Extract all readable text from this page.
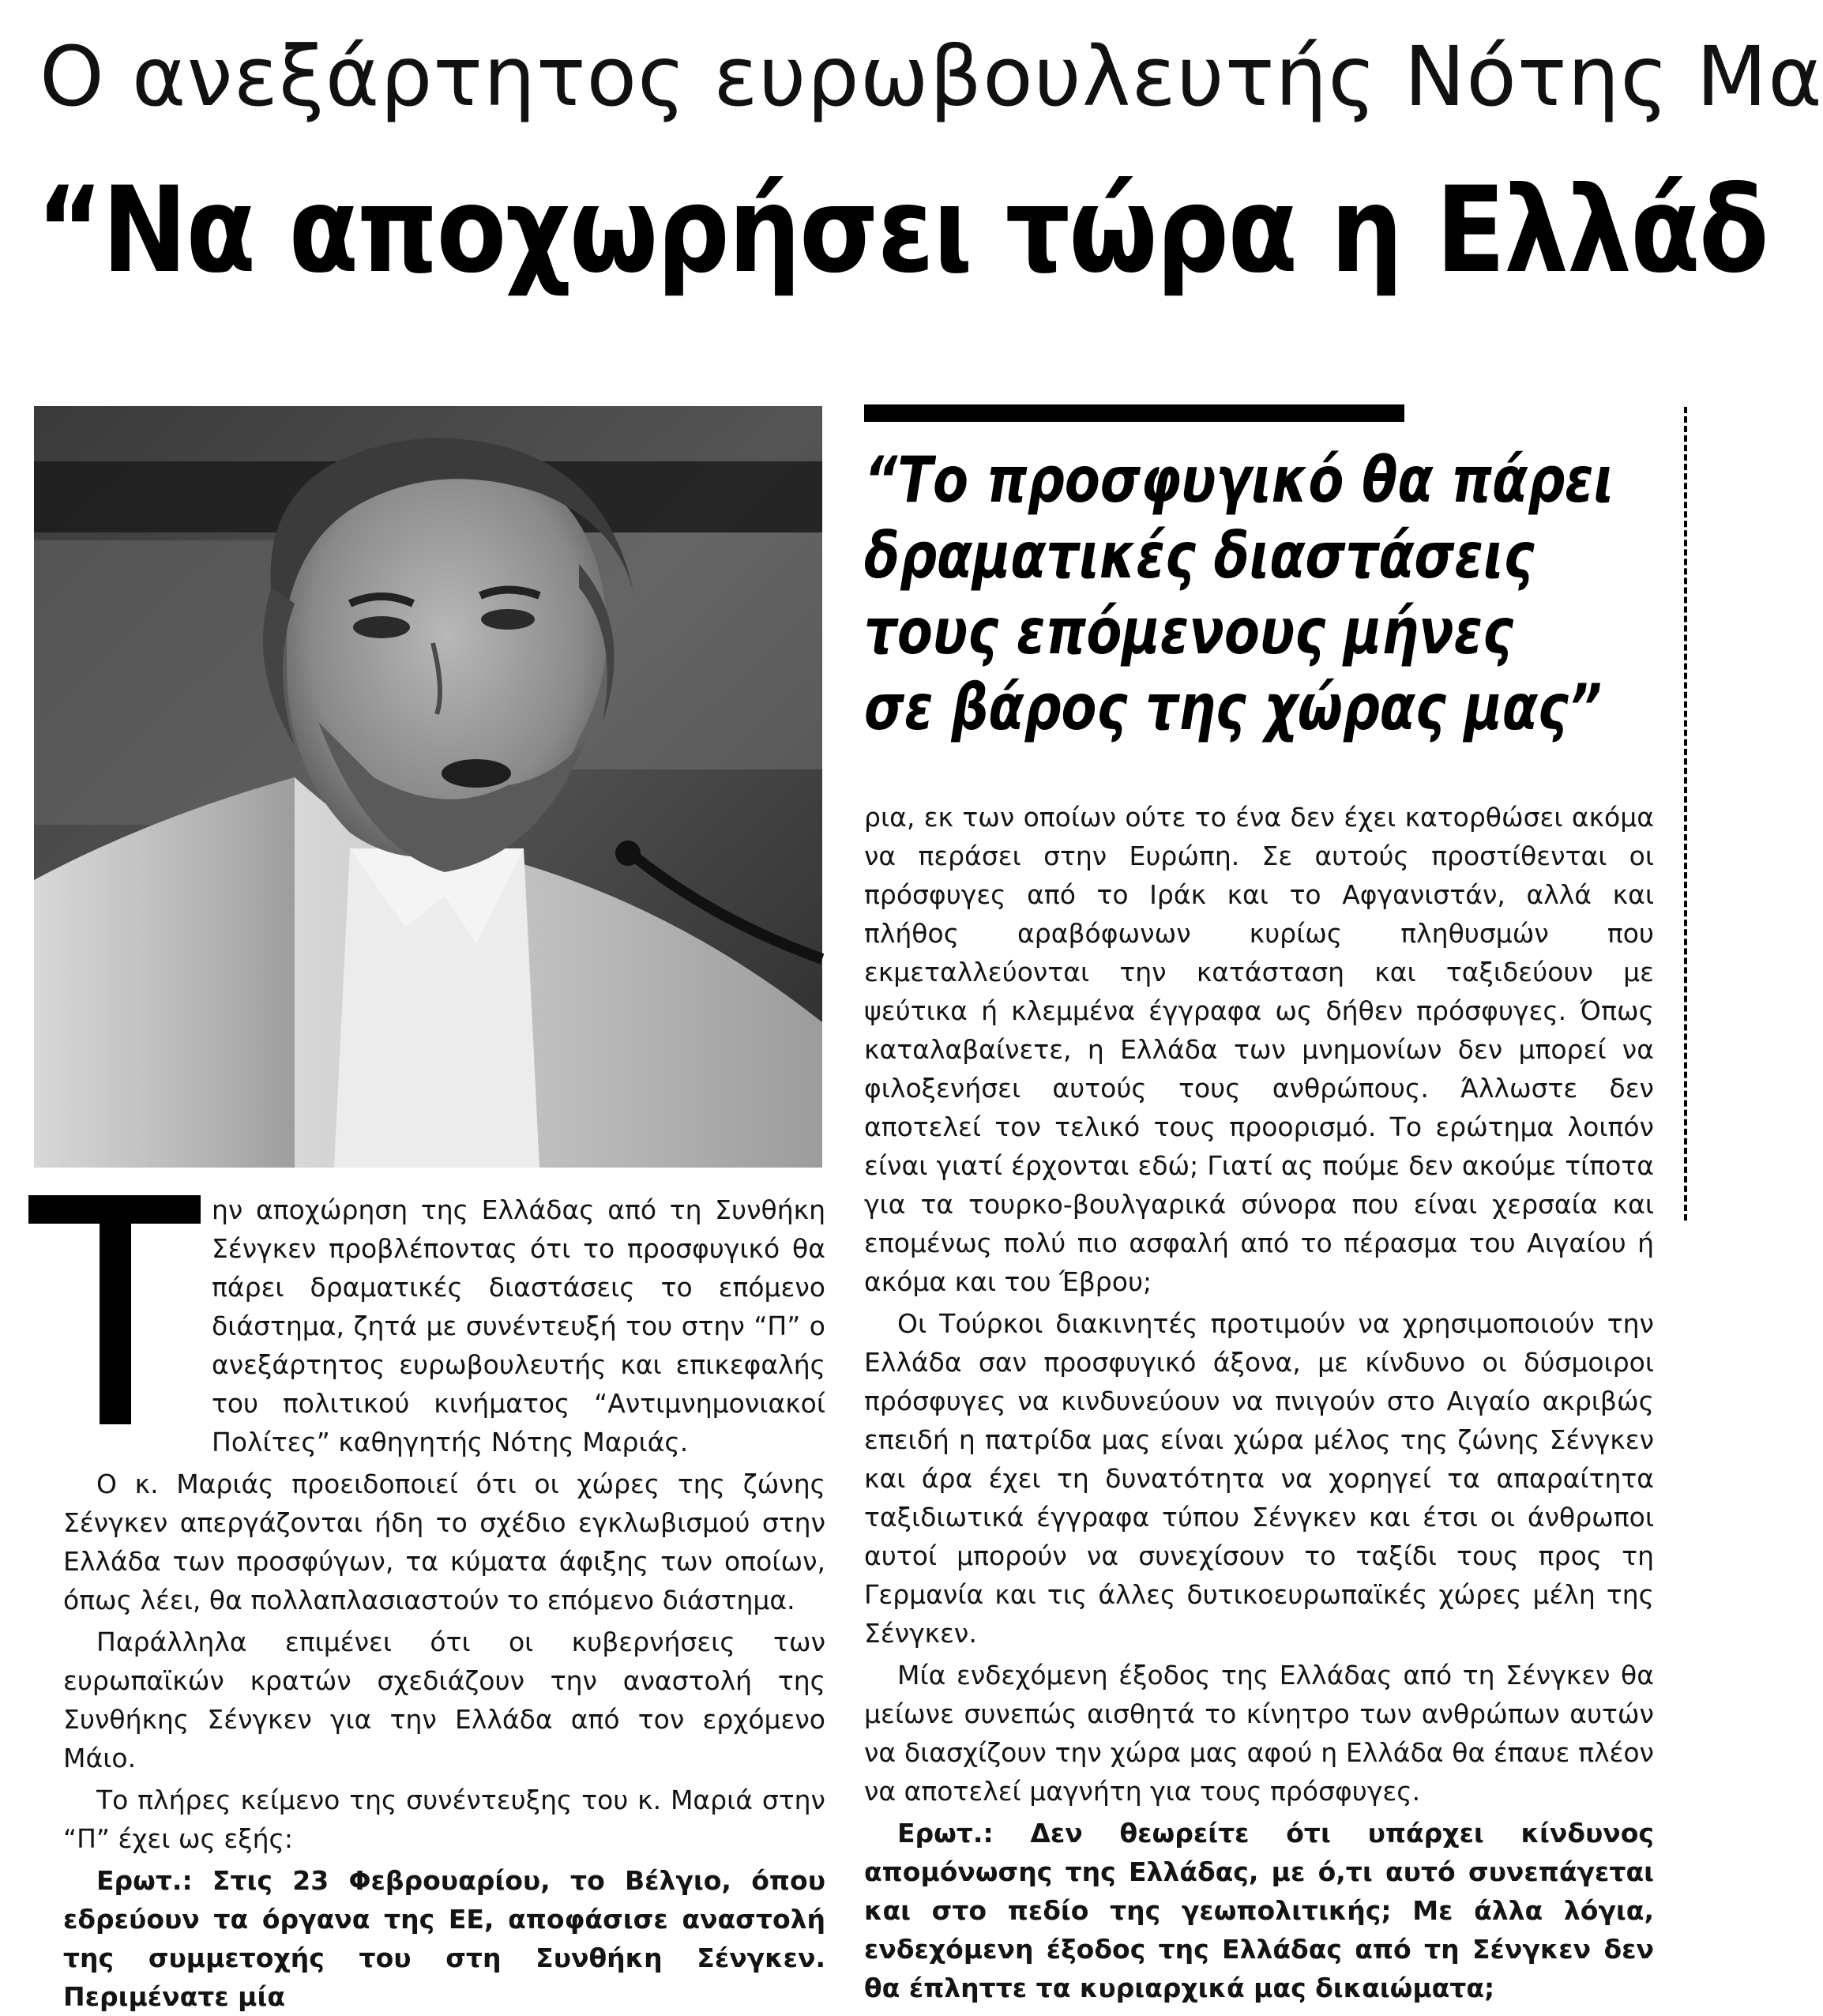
Ο ανεξάρτητος ευρωβουλευτής Νότης Μα
“Να αποχωρήσει τώρα η Ελλάδ
“Το προσφυγικό θα πάρει
δραματικές διαστάσεις
τους επόμενους μήνες
σε βάρος της χώρας μας”

ην αποχώρηση της Ελλάδας από τη Συνθήκη Σένγκεν προβλέποντας ότι το προσφυγικό θα πάρει δραματικές διαστάσεις το επόμενο διάστημα, ζητά με συνέντευξή του στην “Π” ο ανεξάρτητος ευρωβουλευτής και επικεφαλής του πολιτικού κινήματος “Αντιμνημονιακοί Πολίτες” καθηγητής Νότης Μαριάς.

Ο κ. Μαριάς προειδοποιεί ότι οι χώρες της ζώνης Σένγκεν απεργάζονται ήδη το σχέδιο εγκλωβισμού στην Ελλάδα των προσφύγων, τα κύματα άφιξης των οποίων, όπως λέει, θα πολλαπλασιαστούν το επόμενο διάστημα.

Παράλληλα επιμένει ότι οι κυβερνήσεις των ευρωπαϊκών κρατών σχεδιάζουν την αναστολή της Συνθήκης Σένγκεν για την Ελλάδα από τον ερχόμενο Μάιο.

Το πλήρες κείμενο της συνέντευξης του κ. Μαριά στην “Π” έχει ως εξής:

Ερωτ.: Στις 23 Φεβρουαρίου, το Βέλγιο, όπου εδρεύουν τα όργανα της ΕΕ, αποφάσισε αναστολή της συμμετοχής του στη Συνθήκη Σένγκεν. Περιμένατε μία

ρια, εκ των οποίων ούτε το ένα δεν έχει κατορθώσει ακόμα να περάσει στην Ευρώπη. Σε αυτούς προστίθενται οι πρόσφυγες από το Ιράκ και το Αφγανιστάν, αλλά και πλήθος αραβόφωνων κυρίως πληθυσμών που εκμεταλλεύονται την κατάσταση και ταξιδεύουν με ψεύτικα ή κλεμμένα έγγραφα ως δήθεν πρόσφυγες. Όπως καταλαβαίνετε, η Ελλάδα των μνημονίων δεν μπορεί να φιλοξενήσει αυτούς τους ανθρώπους. Άλλωστε δεν αποτελεί τον τελικό τους προορισμό. Το ερώτημα λοιπόν είναι γιατί έρχονται εδώ; Γιατί ας πούμε δεν ακούμε τίποτα για τα τουρκο-βουλγαρικά σύνορα που είναι χερσαία και επομένως πολύ πιο ασφαλή από το πέρασμα του Αιγαίου ή ακόμα και του Έβρου;

Οι Τούρκοι διακινητές προτιμούν να χρησιμοποιούν την Ελλάδα σαν προσφυγικό άξονα, με κίνδυνο οι δύσμοιροι πρόσφυγες να κινδυνεύουν να πνιγούν στο Αιγαίο ακριβώς επειδή η πατρίδα μας είναι χώρα μέλος της ζώνης Σένγκεν και άρα έχει τη δυνατότητα να χορηγεί τα απαραίτητα ταξιδιωτικά έγγραφα τύπου Σένγκεν και έτσι οι άνθρωποι αυτοί μπορούν να συνεχίσουν το ταξίδι τους προς τη Γερμανία και τις άλλες δυτικοευρωπαϊκές χώρες μέλη της Σένγκεν.

Μία ενδεχόμενη έξοδος της Ελλάδας από τη Σένγκεν θα μείωνε συνεπώς αισθητά το κίνητρο των ανθρώπων αυτών να διασχίζουν την χώρα μας αφού η Ελλάδα θα έπαυε πλέον να αποτελεί μαγνήτη για τους πρόσφυγες.

Ερωτ.: Δεν θεωρείτε ότι υπάρχει κίνδυνος απομόνωσης της Ελλάδας, με ό,τι αυτό συνεπάγεται και στο πεδίο της γεωπολιτικής; Με άλλα λόγια, ενδεχόμενη έξοδος της Ελλάδας από τη Σένγκεν δεν θα έπληττε τα κυριαρχικά μας δικαιώματα;
